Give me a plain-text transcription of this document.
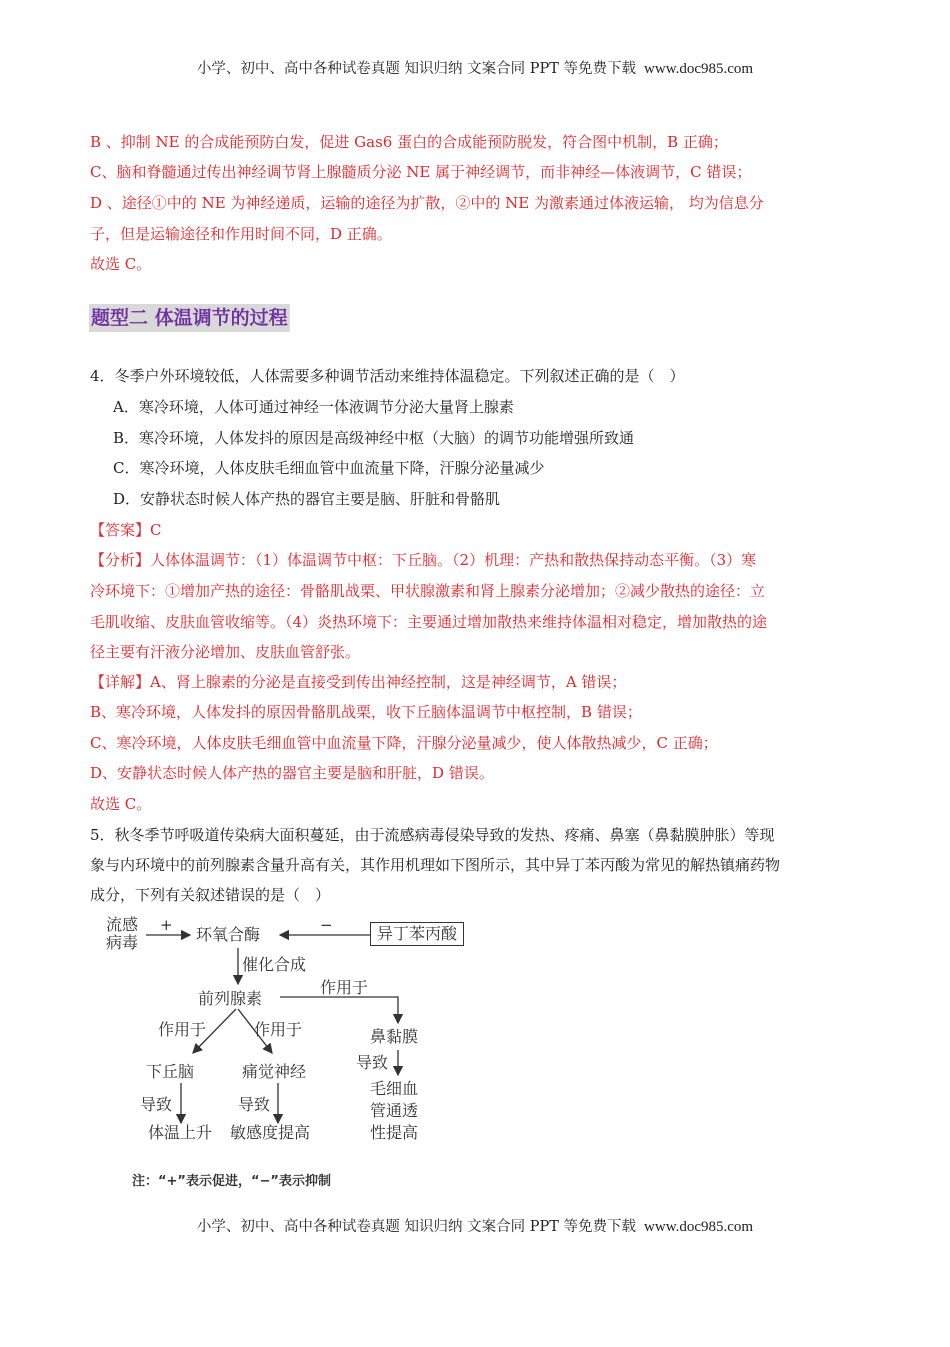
小学、初中、高中各种试卷真题 知识归纳 文案合同 PPT 等免费下载 www.doc985.com
B 、抑制 NE 的合成能预防白发，促进 Gas6 蛋白的合成能预防脱发，符合图中机制，B 正确；
C、脑和脊髓通过传出神经调节肾上腺髓质分泌 NE 属于神经调节，而非神经—体液调节，C 错误；
D 、途径①中的 NE 为神经递质，运输的途径为扩散，②中的 NE 为激素通过体液运输， 均为信息分
子，但是运输途径和作用时间不同，D 正确。
故选 C。
题型二 体温调节的过程
4．冬季户外环境较低，人体需要多种调节活动来维持体温稳定。下列叙述正确的是（　）
A．寒冷环境，人体可通过神经一体液调节分泌大量肾上腺素
B．寒冷环境，人体发抖的原因是高级神经中枢（大脑）的调节功能增强所致通
C．寒冷环境，人体皮肤毛细血管中血流量下降，汗腺分泌量减少
D．安静状态时候人体产热的器官主要是脑、肝脏和骨骼肌
【答案】C
【分析】人体体温调节：（1）体温调节中枢：下丘脑。（2）机理：产热和散热保持动态平衡。（3）寒
冷环境下：①增加产热的途径：骨骼肌战栗、甲状腺激素和肾上腺素分泌增加；②减少散热的途径：立
毛肌收缩、皮肤血管收缩等。（4）炎热环境下：主要通过增加散热来维持体温相对稳定，增加散热的途
径主要有汗液分泌增加、皮肤血管舒张。
【详解】A、肾上腺素的分泌是直接受到传出神经控制，这是神经调节，A 错误；
B、寒冷环境，人体发抖的原因骨骼肌战栗，收下丘脑体温调节中枢控制，B 错误；
C、寒冷环境，人体皮肤毛细血管中血流量下降，汗腺分泌量减少，使人体散热减少，C 正确；
D、安静状态时候人体产热的器官主要是脑和肝脏，D 错误。
故选 C。
5．秋冬季节呼吸道传染病大面积蔓延，由于流感病毒侵染导致的发热、疼痛、鼻塞（鼻黏膜肿胀）等现
象与内环境中的前列腺素含量升高有关，其作用机理如下图所示，其中异丁苯丙酸为常见的解热镇痛药物
成分，下列有关叙述错误的是（　）
流感
病毒
+ 环氧合酶	−	异丁苯丙酸
催化合成
前列腺素
作用于
作用于	作用于	鼻黏膜
下丘脑	痛觉神经	导致
毛细血
管通透
性提高
导致	导致
体温上升 敏感度提高
注：“+”表示促进，“−”表示抑制
小学、初中、高中各种试卷真题 知识归纳 文案合同 PPT 等免费下载 www.doc985.com
